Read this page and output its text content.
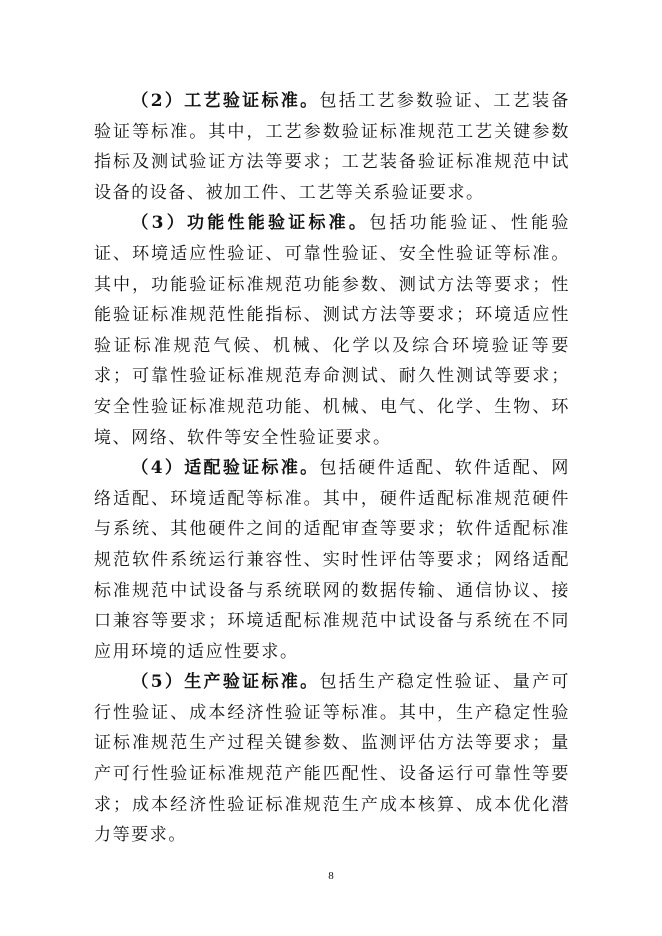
（2）工艺验证标准。包括工艺参数验证、工艺装备验证等标准。其中，工艺参数验证标准规范工艺关键参数指标及测试验证方法等要求；工艺装备验证标准规范中试设备的设备、被加工件、工艺等关系验证要求。

（3）功能性能验证标准。包括功能验证、性能验证、环境适应性验证、可靠性验证、安全性验证等标准。其中，功能验证标准规范功能参数、测试方法等要求；性能验证标准规范性能指标、测试方法等要求；环境适应性验证标准规范气候、机械、化学以及综合环境验证等要求；可靠性验证标准规范寿命测试、耐久性测试等要求；安全性验证标准规范功能、机械、电气、化学、生物、环境、网络、软件等安全性验证要求。

（4）适配验证标准。包括硬件适配、软件适配、网络适配、环境适配等标准。其中，硬件适配标准规范硬件与系统、其他硬件之间的适配审查等要求；软件适配标准规范软件系统运行兼容性、实时性评估等要求；网络适配标准规范中试设备与系统联网的数据传输、通信协议、接口兼容等要求；环境适配标准规范中试设备与系统在不同应用环境的适应性要求。

（5）生产验证标准。包括生产稳定性验证、量产可行性验证、成本经济性验证等标准。其中，生产稳定性验证标准规范生产过程关键参数、监测评估方法等要求；量产可行性验证标准规范产能匹配性、设备运行可靠性等要求；成本经济性验证标准规范生产成本核算、成本优化潜力等要求。

8
